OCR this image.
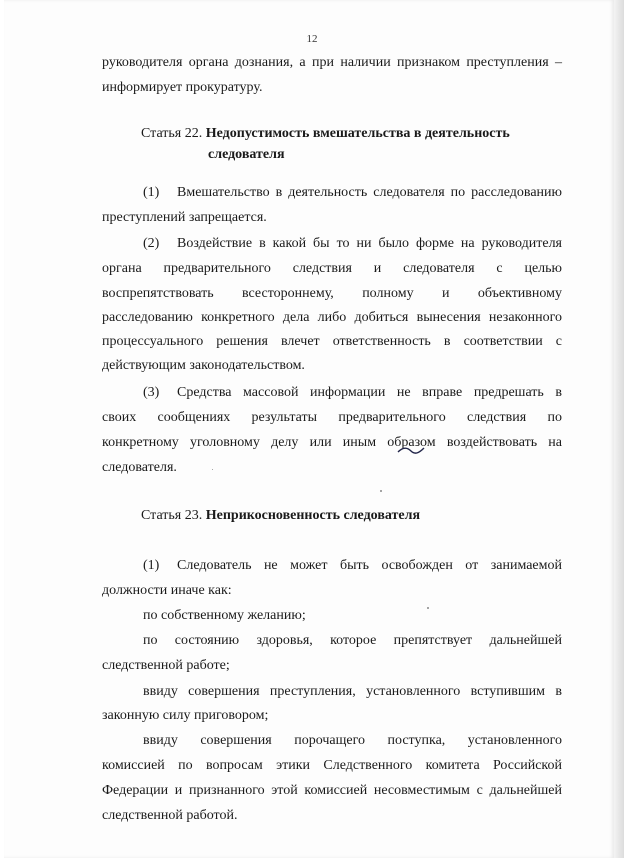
12
руководителя органа дознания, а при наличии признаком преступления –
информирует прокуратуру.
Статья 22. Недопустимость вмешательства в деятельность
следователя
(1) Вмешательство в деятельность следователя по расследованию
преступлений запрещается.
(2) Воздействие в какой бы то ни было форме на руководителя
органа предварительного следствия и следователя с целью
воспрепятствовать всестороннему, полному и объективному
расследованию конкретного дела либо добиться вынесения незаконного
процессуального решения влечет ответственность в соответствии с
действующим законодательством.
(3) Средства массовой информации не вправе предрешать в
своих сообщениях результаты предварительного следствия по
конкретному уголовному делу или иным образом воздействовать на
следователя.
Статья 23. Неприкосновенность следователя
(1) Следователь не может быть освобожден от занимаемой
должности иначе как:
по собственному желанию;
по состоянию здоровья, которое препятствует дальнейшей
следственной работе;
ввиду совершения преступления, установленного вступившим в
законную силу приговором;
ввиду совершения порочащего поступка, установленного
комиссией по вопросам этики Следственного комитета Российской
Федерации и признанного этой комиссией несовместимым с дальнейшей
следственной работой.
